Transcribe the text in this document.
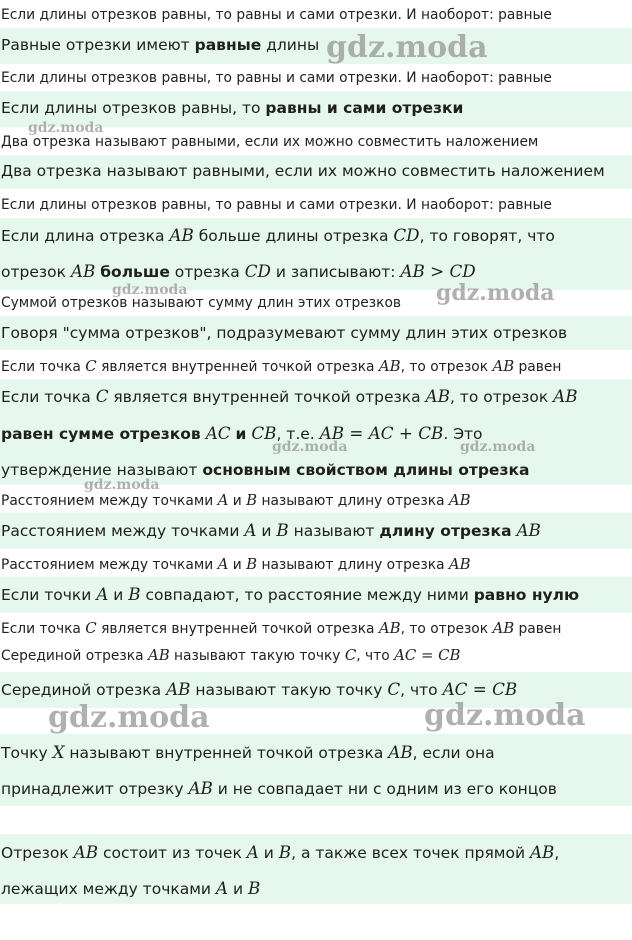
Если длины отрезков равны, то равны и сами отрезки. И наоборот: равные
Равные отрезки имеют равные длины
Если длины отрезков равны, то равны и сами отрезки. И наоборот: равные
Если длины отрезков равны, то равны и сами отрезки
Два отрезка называют равными, если их можно совместить наложением
Два отрезка называют равными, если их можно совместить наложением
Если длины отрезков равны, то равны и сами отрезки. И наоборот: равные
Если длина отрезка AB больше длины отрезка CD, то говорят, что
отрезок AB больше отрезка CD и записывают: AB > CD
Суммой отрезков называют сумму длин этих отрезков
Говоря "сумма отрезков", подразумевают сумму длин этих отрезков
Если точка C является внутренней точкой отрезка AB, то отрезок AB равен
Если точка C является внутренней точкой отрезка AB, то отрезок AB
равен сумме отрезков AC и CB, т.е. AB = AC + CB. Это
утверждение называют основным свойством длины отрезка
Расстоянием между точками A и B называют длину отрезка AB
Расстоянием между точками A и B называют длину отрезка AB
Расстоянием между точками A и B называют длину отрезка AB
Если точки A и B совпадают, то расстояние между ними равно нулю
Если точка C является внутренней точкой отрезка AB, то отрезок AB равен
Серединой отрезка AB называют такую точку C, что AC = CB
Серединой отрезка AB называют такую точку C, что AC = CB
Точку X называют внутренней точкой отрезка AB, если она
принадлежит отрезку AB и не совпадает ни с одним из его концов
Отрезок AB состоит из точек A и B, а также всех точек прямой AB,
лежащих между точками A и B
gdz.moda
gdz.moda
gdz.moda	gdz.moda
gdz.moda	gdz.moda
gdz.moda
gdz.moda	gdz.moda
